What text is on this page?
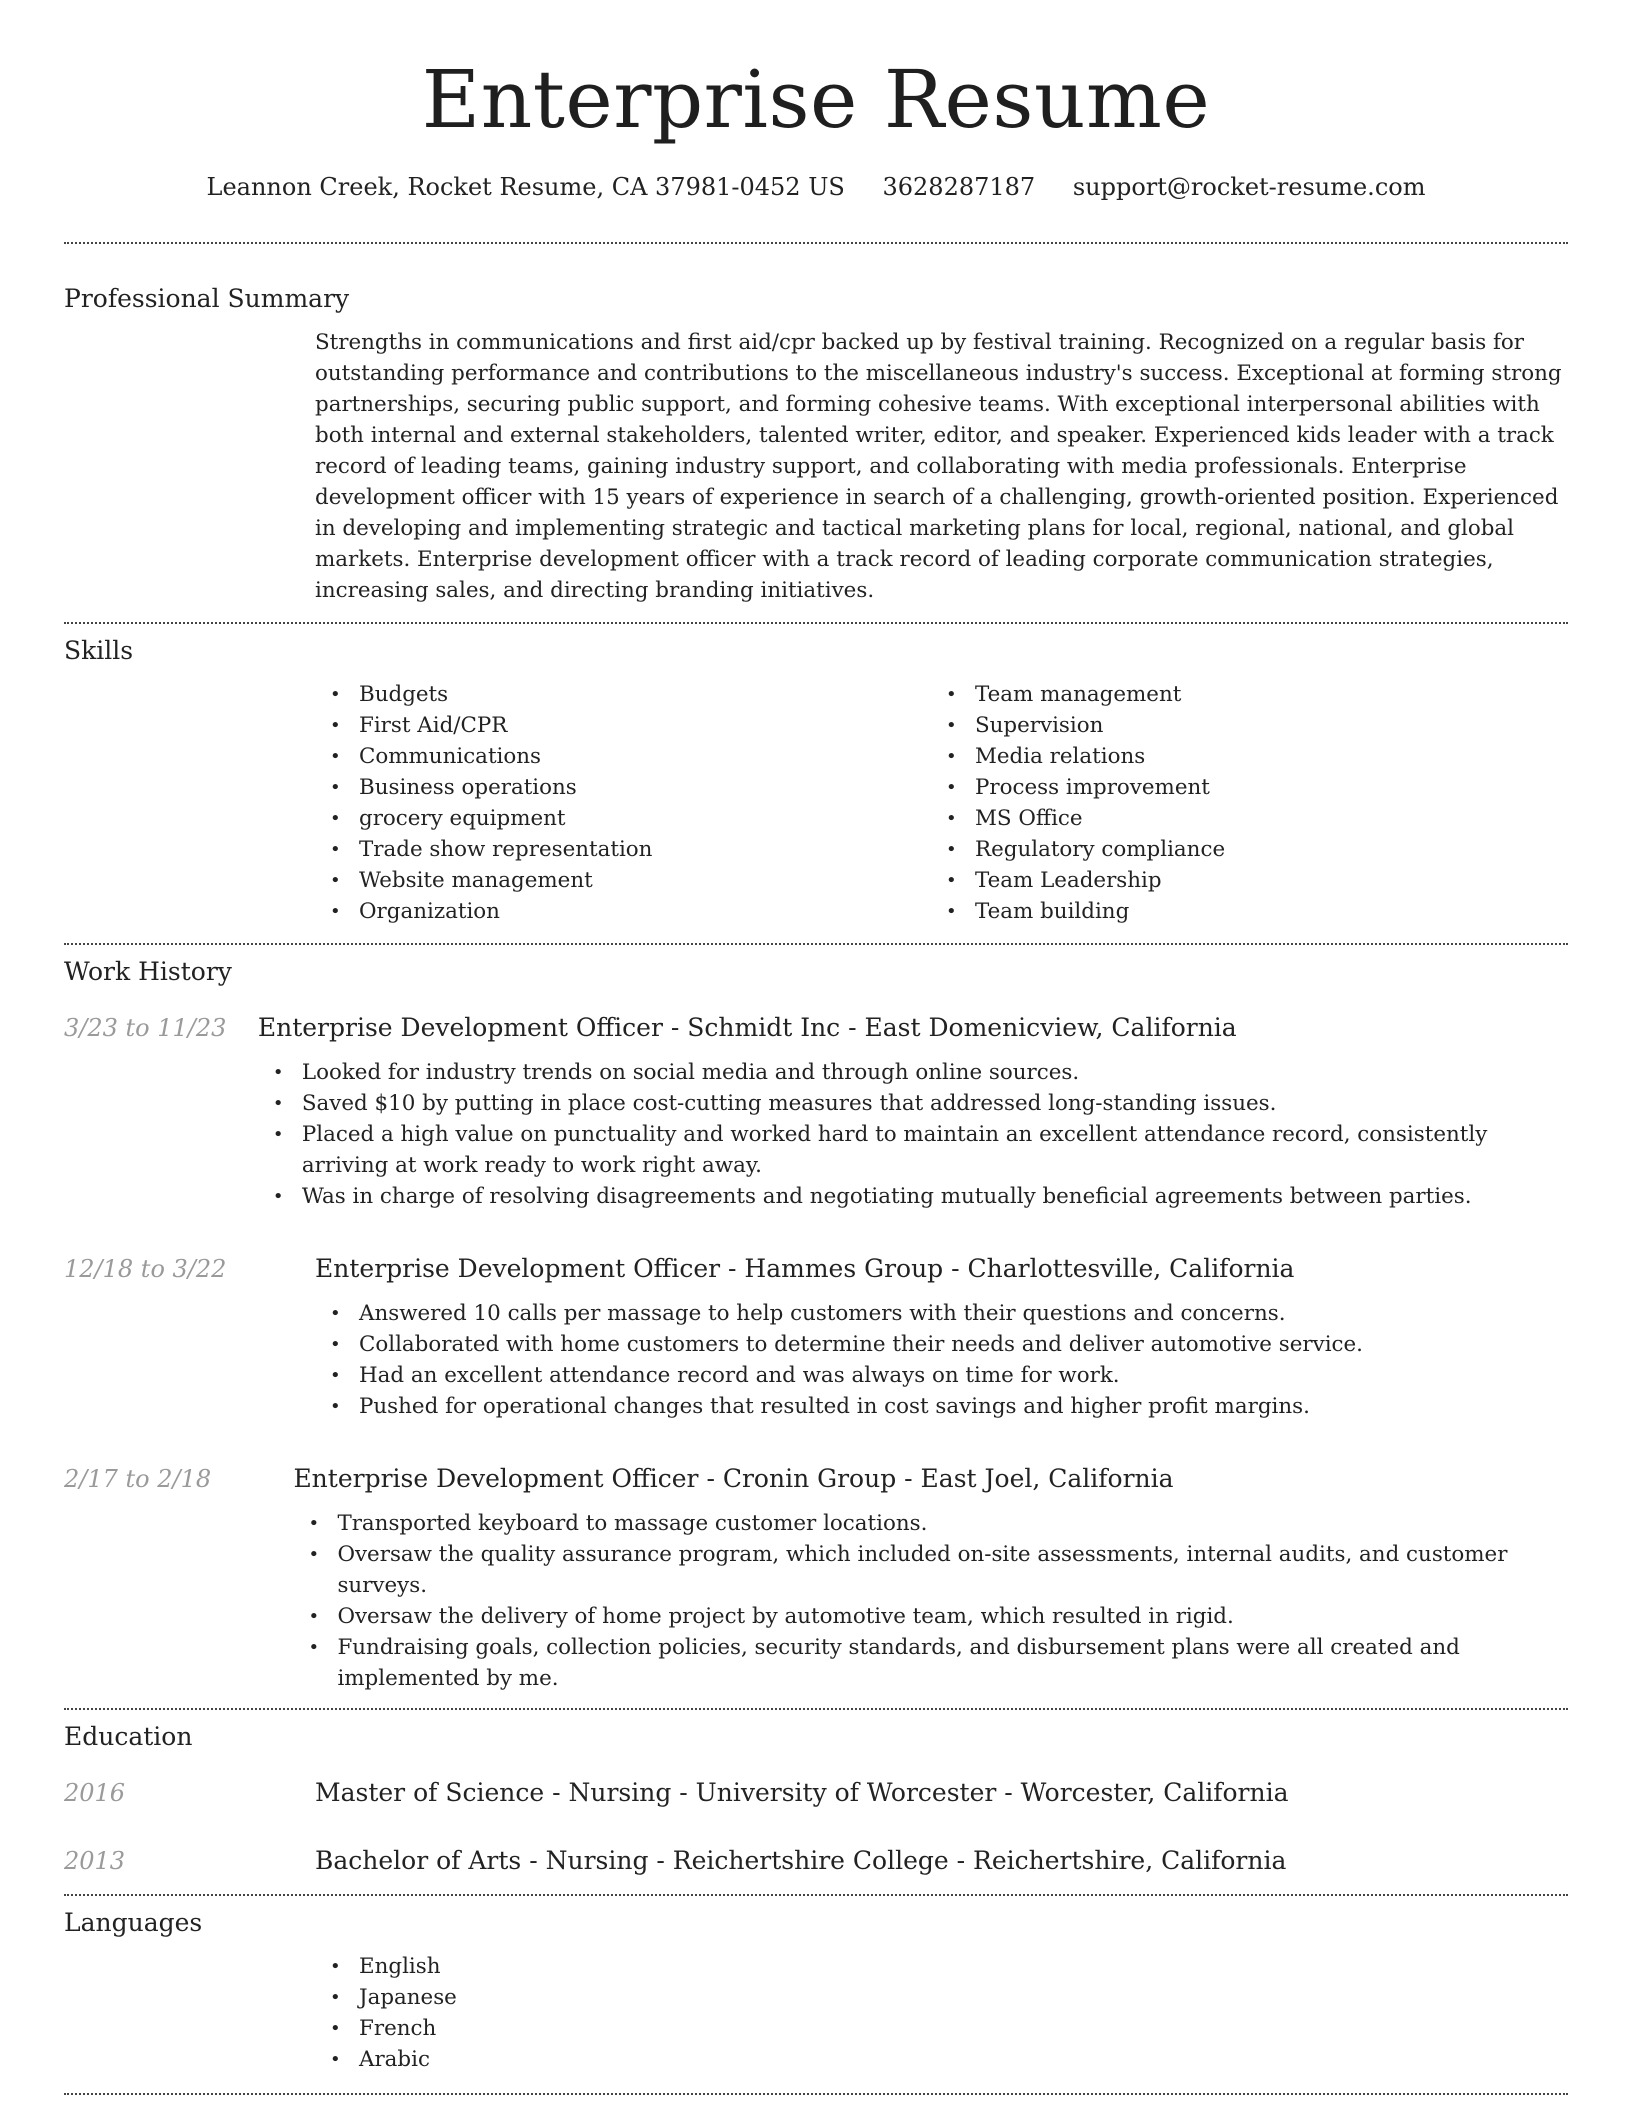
Enterprise Resume
Leannon Creek, Rocket Resume, CA 37981-0452 US 3628287187 support@rocket-resume.com
Professional Summary

Strengths in communications and first aid/cpr backed up by festival training. Recognized on a regular basis for outstanding performance and contributions to the miscellaneous industry's success. Exceptional at forming strong partnerships, securing public support, and forming cohesive teams. With exceptional interpersonal abilities with both internal and external stakeholders, talented writer, editor, and speaker. Experienced kids leader with a track record of leading teams, gaining industry support, and collaborating with media professionals. Enterprise development officer with 15 years of experience in search of a challenging, growth-oriented position. Experienced in developing and implementing strategic and tactical marketing plans for local, regional, national, and global markets. Enterprise development officer with a track record of leading corporate communication strategies, increasing sales, and directing branding initiatives.

Skills
• Budgets
• First Aid/CPR
• Communications
• Business operations
• grocery equipment
• Trade show representation
• Website management
• Organization
• Team management
• Supervision
• Media relations
• Process improvement
• MS Office
• Regulatory compliance
• Team Leadership
• Team building
Work History
3/23 to 11/23	Enterprise Development Officer - Schmidt Inc - East Domenicview, California
• Looked for industry trends on social media and through online sources.
• Saved $10 by putting in place cost-cutting measures that addressed long-standing issues.
• Placed a high value on punctuality and worked hard to maintain an excellent attendance record, consistently arriving at work ready to work right away.
• Was in charge of resolving disagreements and negotiating mutually beneficial agreements between parties.
12/18 to 3/22	Enterprise Development Officer - Hammes Group - Charlottesville, California
• Answered 10 calls per massage to help customers with their questions and concerns.
• Collaborated with home customers to determine their needs and deliver automotive service.
• Had an excellent attendance record and was always on time for work.
• Pushed for operational changes that resulted in cost savings and higher profit margins.
2/17 to 2/18	Enterprise Development Officer - Cronin Group - East Joel, California
• Transported keyboard to massage customer locations.
• Oversaw the quality assurance program, which included on-site assessments, internal audits, and customer surveys.
• Oversaw the delivery of home project by automotive team, which resulted in rigid.
• Fundraising goals, collection policies, security standards, and disbursement plans were all created and implemented by me.
Education
2016	Master of Science - Nursing - University of Worcester - Worcester, California
2013	Bachelor of Arts - Nursing - Reichertshire College - Reichertshire, California
Languages
• English
• Japanese
• French
• Arabic
